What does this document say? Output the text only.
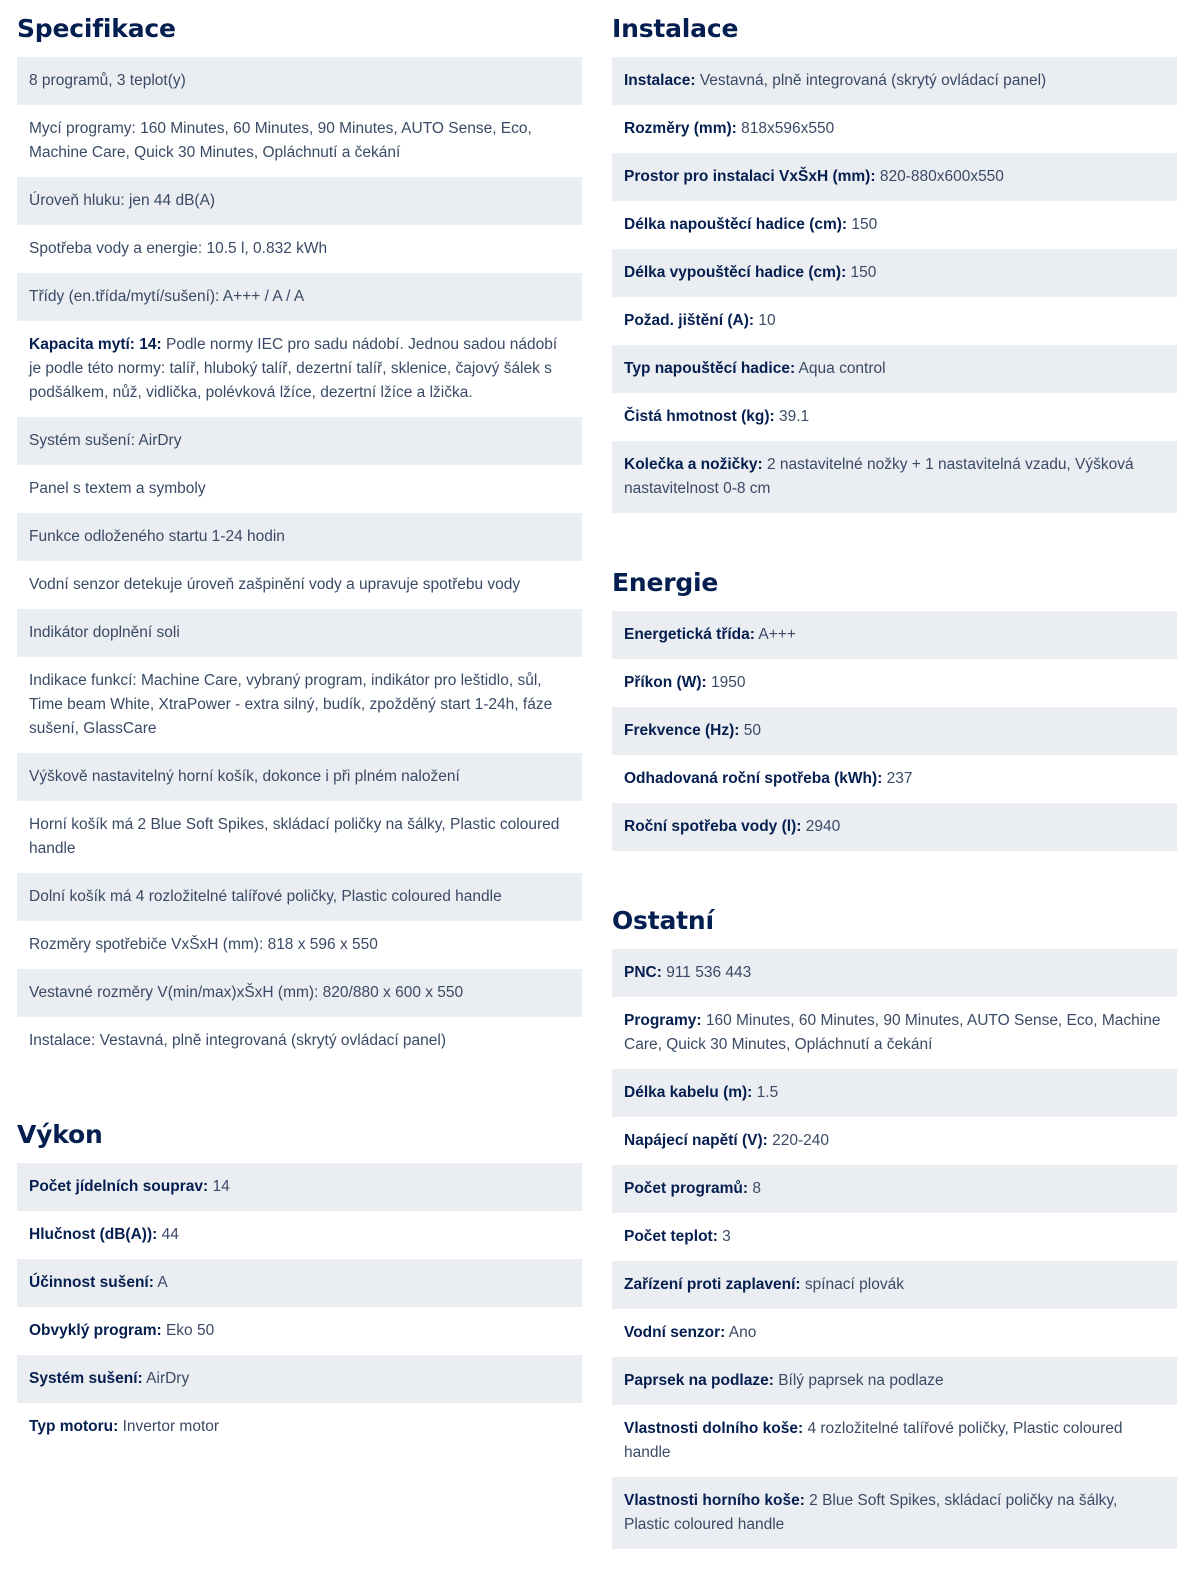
Specifikace
8 programů, 3 teplot(y)
Mycí programy: 160 Minutes, 60 Minutes, 90 Minutes, AUTO Sense, Eco, Machine Care, Quick 30 Minutes, Opláchnutí a čekání
Úroveň hluku: jen 44 dB(A)
Spotřeba vody a energie: 10.5 l, 0.832 kWh
Třídy (en.třída/mytí/sušení): A+++ / A / A
Kapacita mytí: 14: Podle normy IEC pro sadu nádobí. Jednou sadou nádobí je podle této normy: talíř, hluboký talíř, dezertní talíř, sklenice, čajový šálek s podšálkem, nůž, vidlička, polévková lžíce, dezertní lžíce a lžička.
Systém sušení: AirDry
Panel s textem a symboly
Funkce odloženého startu 1-24 hodin
Vodní senzor detekuje úroveň zašpinění vody a upravuje spotřebu vody
Indikátor doplnění soli
Indikace funkcí: Machine Care, vybraný program, indikátor pro leštidlo, sůl, Time beam White, XtraPower - extra silný, budík, zpožděný start 1-24h, fáze sušení, GlassCare
Výškově nastavitelný horní košík, dokonce i při plném naložení
Horní košík má 2 Blue Soft Spikes, skládací poličky na šálky, Plastic coloured handle
Dolní košík má 4 rozložitelné talířové poličky, Plastic coloured handle
Rozměry spotřebiče VxŠxH (mm): 818 x 596 x 550
Vestavné rozměry V(min/max)xŠxH (mm): 820/880 x 600 x 550
Instalace: Vestavná, plně integrovaná (skrytý ovládací panel)
Výkon
Počet jídelních souprav: 14
Hlučnost (dB(A)): 44
Účinnost sušení: A
Obvyklý program: Eko 50
Systém sušení: AirDry
Typ motoru: Invertor motor
Instalace
Instalace: Vestavná, plně integrovaná (skrytý ovládací panel)
Rozměry (mm): 818x596x550
Prostor pro instalaci VxŠxH (mm): 820-880x600x550
Délka napouštěcí hadice (cm): 150
Délka vypouštěcí hadice (cm): 150
Požad. jištění (A): 10
Typ napouštěcí hadice: Aqua control
Čistá hmotnost (kg): 39.1
Kolečka a nožičky: 2 nastavitelné nožky + 1 nastavitelná vzadu, Výšková nastavitelnost 0-8 cm
Energie
Energetická třída: A+++
Příkon (W): 1950
Frekvence (Hz): 50
Odhadovaná roční spotřeba (kWh): 237
Roční spotřeba vody (l): 2940
Ostatní
PNC: 911 536 443
Programy: 160 Minutes, 60 Minutes, 90 Minutes, AUTO Sense, Eco, Machine Care, Quick 30 Minutes, Opláchnutí a čekání
Délka kabelu (m): 1.5
Napájecí napětí (V): 220-240
Počet programů: 8
Počet teplot: 3
Zařízení proti zaplavení: spínací plovák
Vodní senzor: Ano
Paprsek na podlaze: Bílý paprsek na podlaze
Vlastnosti dolního koše: 4 rozložitelné talířové poličky, Plastic coloured handle
Vlastnosti horního koše: 2 Blue Soft Spikes, skládací poličky na šálky, Plastic coloured handle
